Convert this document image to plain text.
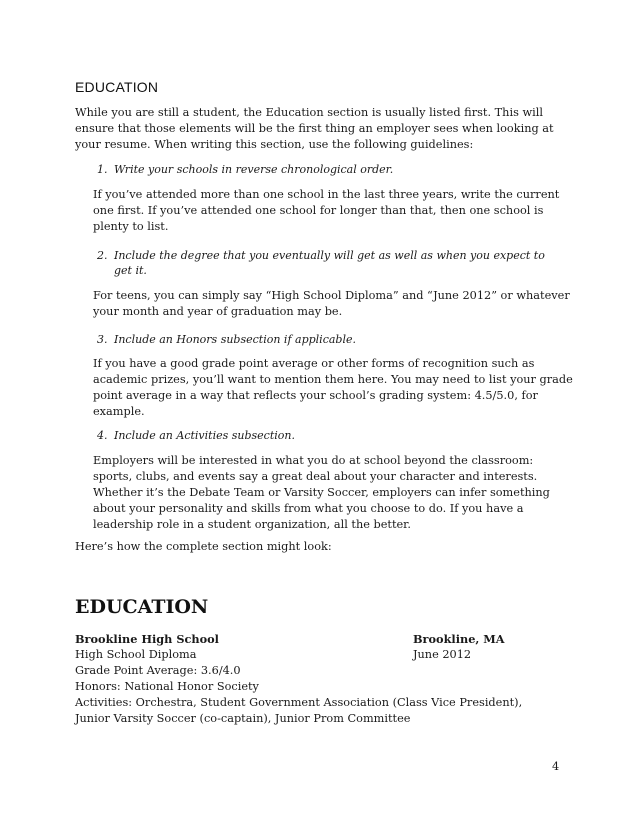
EDUCATION

While you are still a student, the Education section is usually listed first. This will ensure that those elements will be the first thing an employer sees when looking at your resume. When writing this section, use the following guidelines:

1. Write your schools in reverse chronological order.

If you’ve attended more than one school in the last three years, write the current one first. If you’ve attended one school for longer than that, then one school is plenty to list.

2. Include the degree that you eventually will get as well as when you expect to get it.

For teens, you can simply say “High School Diploma” and “June 2012” or whatever your month and year of graduation may be.

3. Include an Honors subsection if applicable.

If you have a good grade point average or other forms of recognition such as academic prizes, you’ll want to mention them here. You may need to list your grade point average in a way that reflects your school’s grading system: 4.5/5.0, for example.

4. Include an Activities subsection.

Employers will be interested in what you do at school beyond the classroom: sports, clubs, and events say a great deal about your character and interests. Whether it’s the Debate Team or Varsity Soccer, employers can infer something about your personality and skills from what you choose to do. If you have a leadership role in a student organization, all the better.

Here’s how the complete section might look:

EDUCATION
Brookline High School	Brookline, MA
High School Diploma	June 2012
Grade Point Average: 3.6/4.0
Honors: National Honor Society
Activities: Orchestra, Student Government Association (Class Vice President),
Junior Varsity Soccer (co-captain), Junior Prom Committee
4
